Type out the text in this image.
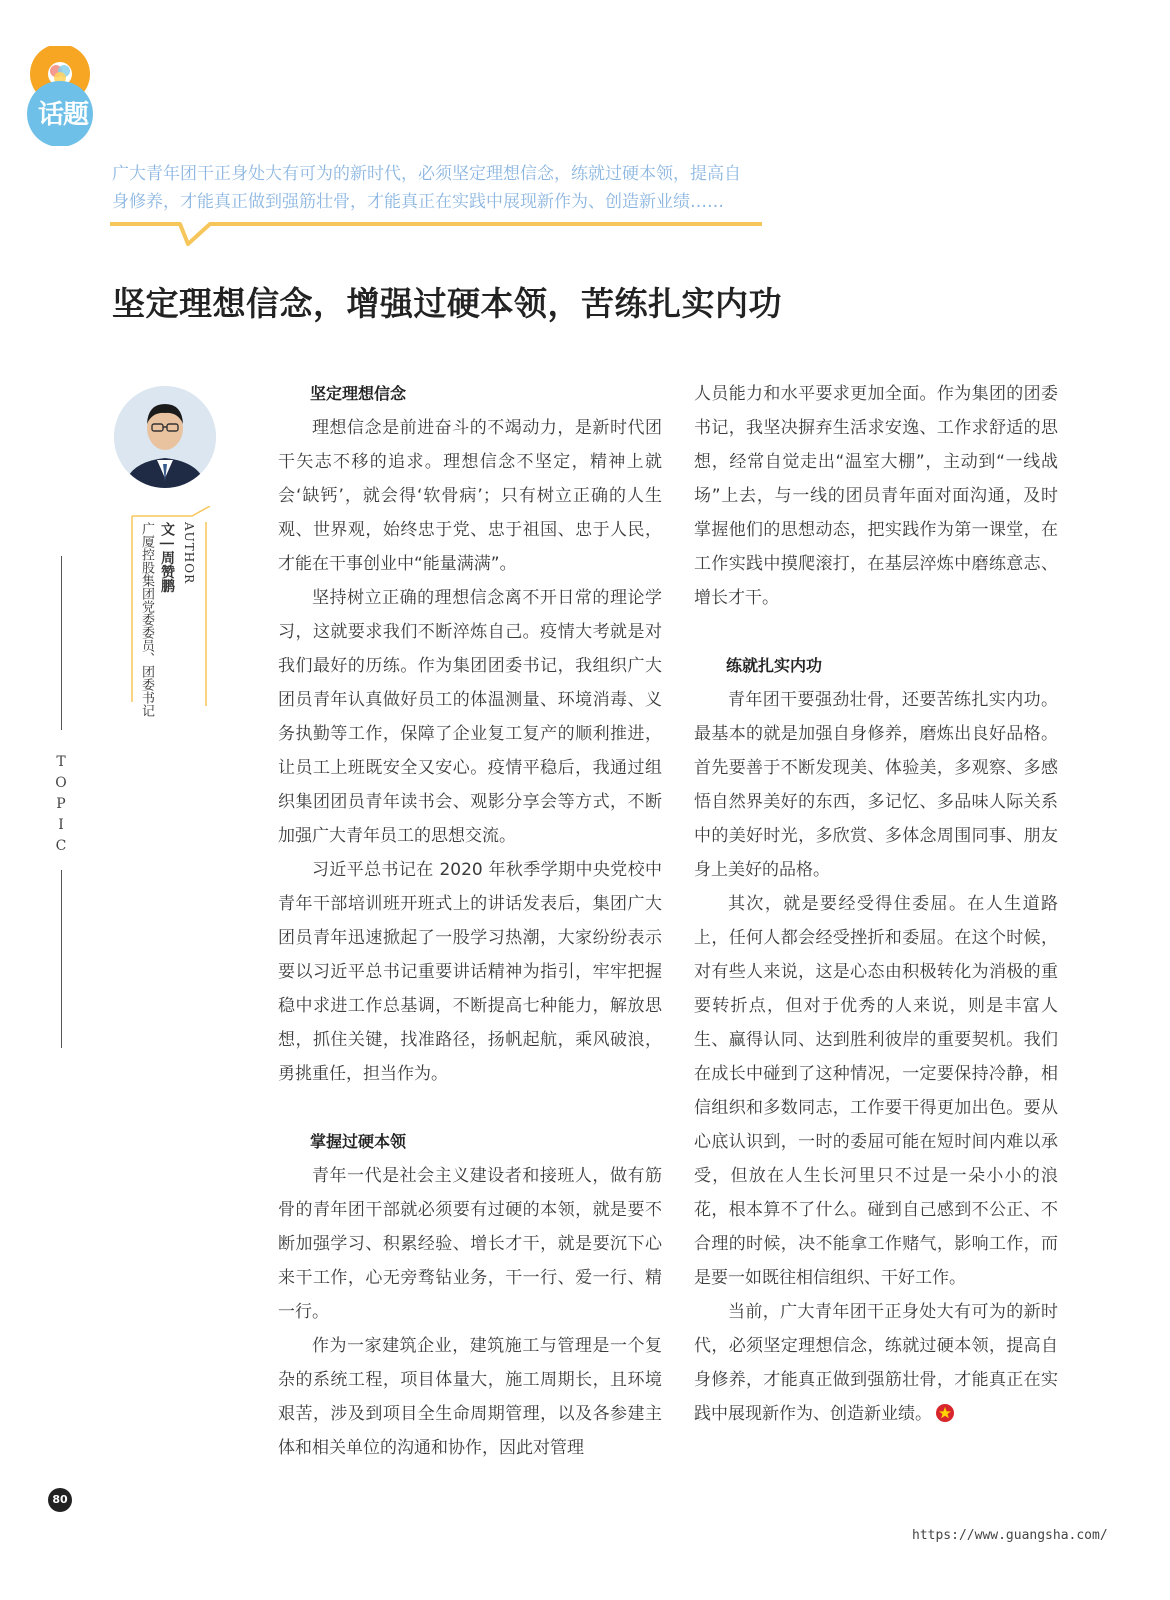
话题
广大青年团干正身处大有可为的新时代，必须坚定理想信念，练就过硬本领，提高自
身修养，才能真正做到强筋壮骨，才能真正在实践中展现新作为、创造新业绩……
坚定理想信念，增强过硬本领，苦练扎实内功
AUTHOR
文 | 周赞鹏
广厦控股集团党委委员、团委书记
T
O
P
I
C
坚定理想信念

理想信念是前进奋斗的不竭动力，是新时代团干矢志不移的追求。理想信念不坚定，精神上就会‘缺钙’，就会得‘软骨病’；只有树立正确的人生观、世界观，始终忠于党、忠于祖国、忠于人民，才能在干事创业中“能量满满”。

坚持树立正确的理想信念离不开日常的理论学习，这就要求我们不断淬炼自己。疫情大考就是对我们最好的历练。作为集团团委书记，我组织广大团员青年认真做好员工的体温测量、环境消毒、义务执勤等工作，保障了企业复工复产的顺利推进，让员工上班既安全又安心。疫情平稳后，我通过组织集团团员青年读书会、观影分享会等方式，不断加强广大青年员工的思想交流。

习近平总书记在 2020 年秋季学期中央党校中青年干部培训班开班式上的讲话发表后，集团广大团员青年迅速掀起了一股学习热潮，大家纷纷表示要以习近平总书记重要讲话精神为指引，牢牢把握稳中求进工作总基调，不断提高七种能力，解放思想，抓住关键，找准路径，扬帆起航，乘风破浪，勇挑重任，担当作为。

掌握过硬本领

青年一代是社会主义建设者和接班人，做有筋骨的青年团干部就必须要有过硬的本领，就是要不断加强学习、积累经验、增长才干，就是要沉下心来干工作，心无旁骛钻业务，干一行、爱一行、精一行。

作为一家建筑企业，建筑施工与管理是一个复杂的系统工程，项目体量大，施工周期长，且环境艰苦，涉及到项目全生命周期管理，以及各参建主体和相关单位的沟通和协作，因此对管理

人员能力和水平要求更加全面。作为集团的团委书记，我坚决摒弃生活求安逸、工作求舒适的思想，经常自觉走出“温室大棚”，主动到“一线战场”上去，与一线的团员青年面对面沟通，及时掌握他们的思想动态，把实践作为第一课堂，在工作实践中摸爬滚打，在基层淬炼中磨练意志、增长才干。

练就扎实内功

青年团干要强劲壮骨，还要苦练扎实内功。最基本的就是加强自身修养，磨炼出良好品格。首先要善于不断发现美、体验美，多观察、多感悟自然界美好的东西，多记忆、多品味人际关系中的美好时光，多欣赏、多体念周围同事、朋友身上美好的品格。

其次，就是要经受得住委屈。在人生道路上，任何人都会经受挫折和委屈。在这个时候，对有些人来说，这是心态由积极转化为消极的重要转折点，但对于优秀的人来说，则是丰富人生、赢得认同、达到胜利彼岸的重要契机。我们在成长中碰到了这种情况，一定要保持冷静，相信组织和多数同志，工作要干得更加出色。要从心底认识到，一时的委屈可能在短时间内难以承受，但放在人生长河里只不过是一朵小小的浪花，根本算不了什么。碰到自己感到不公正、不合理的时候，决不能拿工作赌气，影响工作，而是要一如既往相信组织、干好工作。

当前，广大青年团干正身处大有可为的新时代，必须坚定理想信念，练就过硬本领，提高自身修养，才能真正做到强筋壮骨，才能真正在实践中展现新作为、创造新业绩。

80
https://www.guangsha.com/
